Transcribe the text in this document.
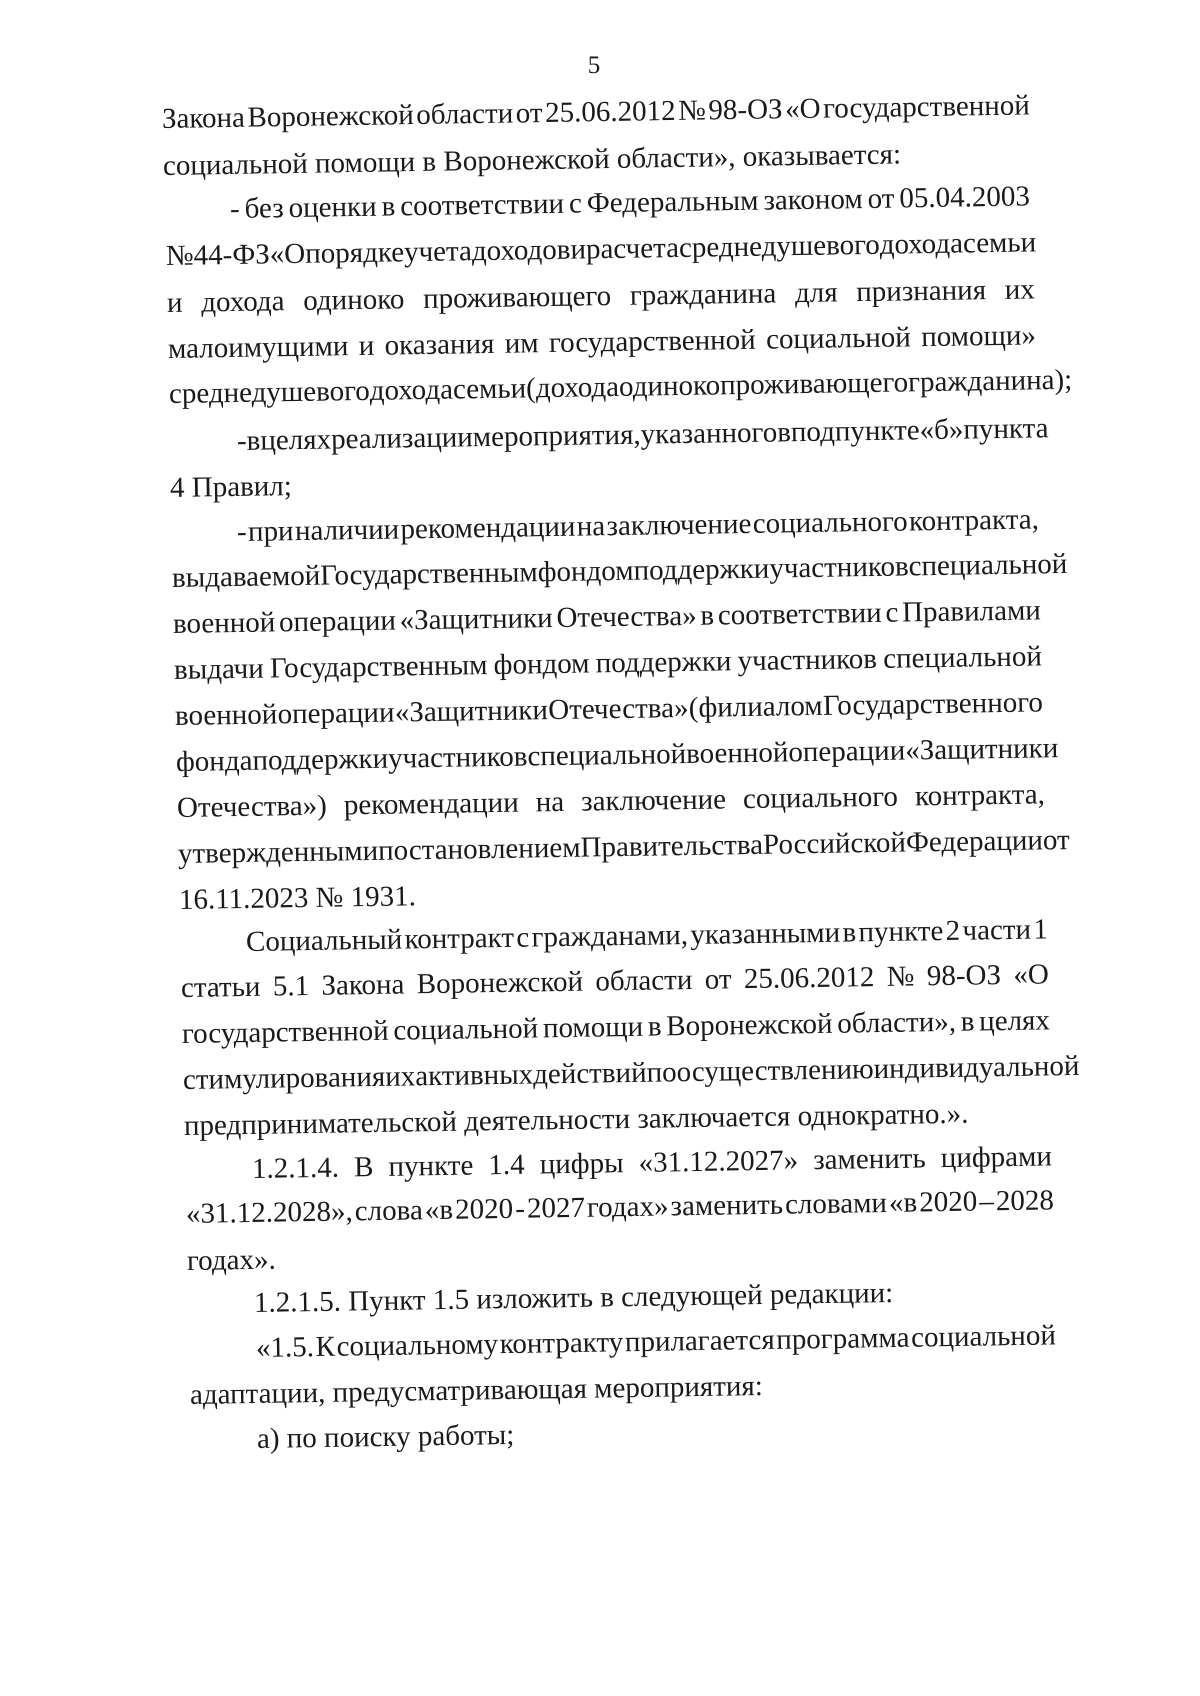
5
Закона Воронежской области от 25.06.2012 № 98-ОЗ «О государственной
социальной помощи в Воронежской области», оказывается:
- без оценки в соответствии с Федеральным законом от 05.04.2003
№ 44-ФЗ «О порядке учета доходов и расчета среднедушевого дохода семьи
и дохода одиноко проживающего гражданина для признания их
малоимущими и оказания им государственной социальной помощи»
среднедушевого дохода семьи (дохода одиноко проживающего гражданина);
- в целях реализации мероприятия, указанного в подпункте «б» пункта
4 Правил;
- при наличии рекомендации на заключение социального контракта,
выдаваемой Государственным фондом поддержки участников специальной
военной операции «Защитники Отечества» в соответствии с Правилами
выдачи Государственным фондом поддержки участников специальной
военной операции «Защитники Отечества» (филиалом Государственного
фонда поддержки участников специальной военной операции «Защитники
Отечества») рекомендации на заключение социального контракта,
утвержденными постановлением Правительства Российской Федерации от
16.11.2023 № 1931.
Социальный контракт с гражданами, указанными в пункте 2 части 1
статьи 5.1 Закона Воронежской области от 25.06.2012 № 98-ОЗ «О
государственной социальной помощи в Воронежской области», в целях
стимулирования их активных действий по осуществлению индивидуальной
предпринимательской деятельности заключается однократно.».
1.2.1.4. В пункте 1.4 цифры «31.12.2027» заменить цифрами
«31.12.2028», слова «в 2020 - 2027 годах» заменить словами «в 2020 – 2028
годах».
1.2.1.5. Пункт 1.5 изложить в следующей редакции:
«1.5. К социальному контракту прилагается программа социальной
адаптации, предусматривающая мероприятия:
а) по поиску работы;
